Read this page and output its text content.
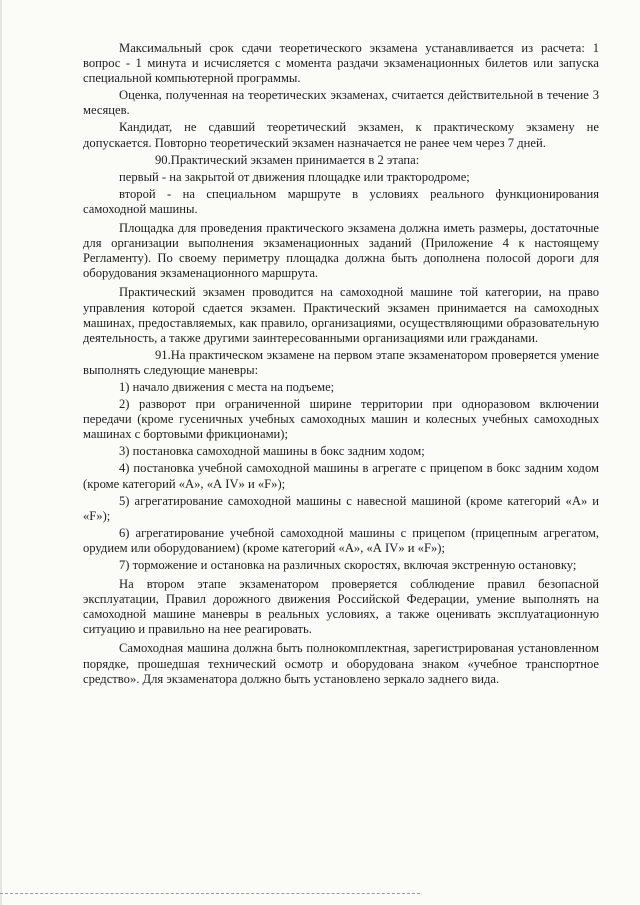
Максимальный срок сдачи теоретического экзамена устанавливается из расчета: 1 вопрос - 1 минута и исчисляется с момента раздачи экзаменационных билетов или запуска специальной компьютерной программы.

Оценка, полученная на теоретических экзаменах, считается действительной в течение 3 месяцев.

Кандидат, не сдавший теоретический экзамен, к практическому экзамену не допускается. Повторно теоретический экзамен назначается не ранее чем через 7 дней.

90.Практический экзамен принимается в 2 этапа:

первый - на закрытой от движения площадке или трактородроме;

второй - на специальном маршруте в условиях реального функционирования самоходной машины.

Площадка для проведения практического экзамена должна иметь размеры, достаточные для организации выполнения экзаменационных заданий (Приложение 4 к настоящему Регламенту). По своему периметру площадка должна быть дополнена полосой дороги для оборудования экзаменационного маршрута.

Практический экзамен проводится на самоходной машине той категории, на право управления которой сдается экзамен. Практический экзамен принимается на самоходных машинах, предоставляемых, как правило, организациями, осуществляющими образовательную деятельность, а также другими заинтересованными организациями или гражданами.

91.На практическом экзамене на первом этапе экзаменатором проверяется умение выполнять следующие маневры:

1) начало движения с места на подъеме;

2) разворот при ограниченной ширине территории при одноразовом включении передачи (кроме гусеничных учебных самоходных машин и колесных учебных самоходных машинах с бортовыми фрикционами);

3) постановка самоходной машины в бокс задним ходом;

4) постановка учебной самоходной машины в агрегате с прицепом в бокс задним ходом (кроме категорий «А», «А IV» и «F»);

5) агрегатирование самоходной машины с навесной машиной (кроме категорий «А» и «F»);

6) агрегатирование учебной самоходной машины с прицепом (прицепным агрегатом, орудием или оборудованием) (кроме категорий «А», «А IV» и «F»);

7) торможение и остановка на различных скоростях, включая экстренную остановку;

На втором этапе экзаменатором проверяется соблюдение правил безопасной эксплуатации, Правил дорожного движения Российской Федерации, умение выполнять на самоходной машине маневры в реальных условиях, а также оценивать эксплуатационную ситуацию и правильно на нее реагировать.

Самоходная машина должна быть полнокомплектная, зарегистрированая установленном порядке, прошедшая технический осмотр и оборудована знаком «учебное транспортное средство». Для экзаменатора должно быть установлено зеркало заднего вида.
